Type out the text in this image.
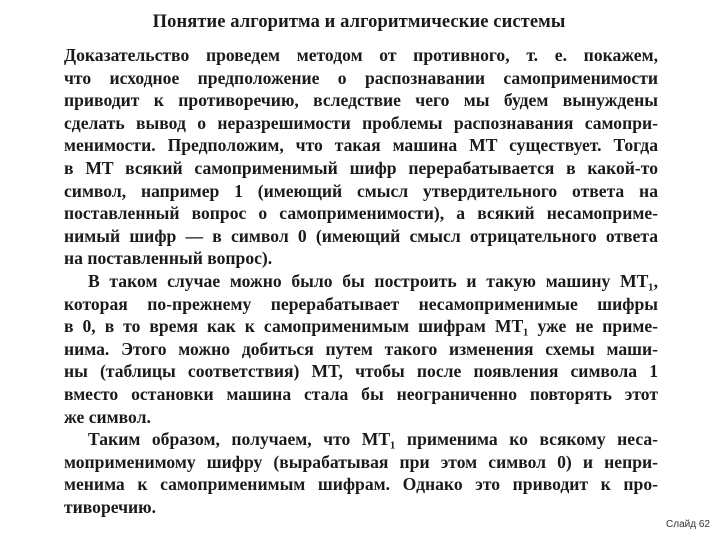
Понятие алгоритма и алгоритмические системы

Доказательство проведем методом от противного, т. е. покажем,

что исходное предположение о распознавании самоприменимости

приводит к противоречию, вследствие чего мы будем вынуждены

сделать вывод о неразрешимости проблемы распознавания самопри-

менимости. Предположим, что такая машина MT существует. Тогда

в MT всякий самоприменимый шифр перерабатывается в какой-то

символ, например 1 (имеющий смысл утвердительного ответа на

поставленный вопрос о самоприменимости), а всякий несамоприме-

нимый шифр — в символ 0 (имеющий смысл отрицательного ответа

на поставленный вопрос).

В таком случае можно было бы построить и такую машину MT₁,

которая по-прежнему перерабатывает несамоприменимые шифры

в 0, в то время как к самоприменимым шифрам MT₁ уже не приме-

нима. Этого можно добиться путем такого изменения схемы маши-

ны (таблицы соответствия) MT, чтобы после появления символа 1

вместо остановки машина стала бы неограниченно повторять этот

же символ.

Таким образом, получаем, что MT₁ применима ко всякому неса-

моприменимому шифру (вырабатывая при этом символ 0) и непри-

менима к самоприменимым шифрам. Однако это приводит к про-

тиворечию.

Слайд 62
